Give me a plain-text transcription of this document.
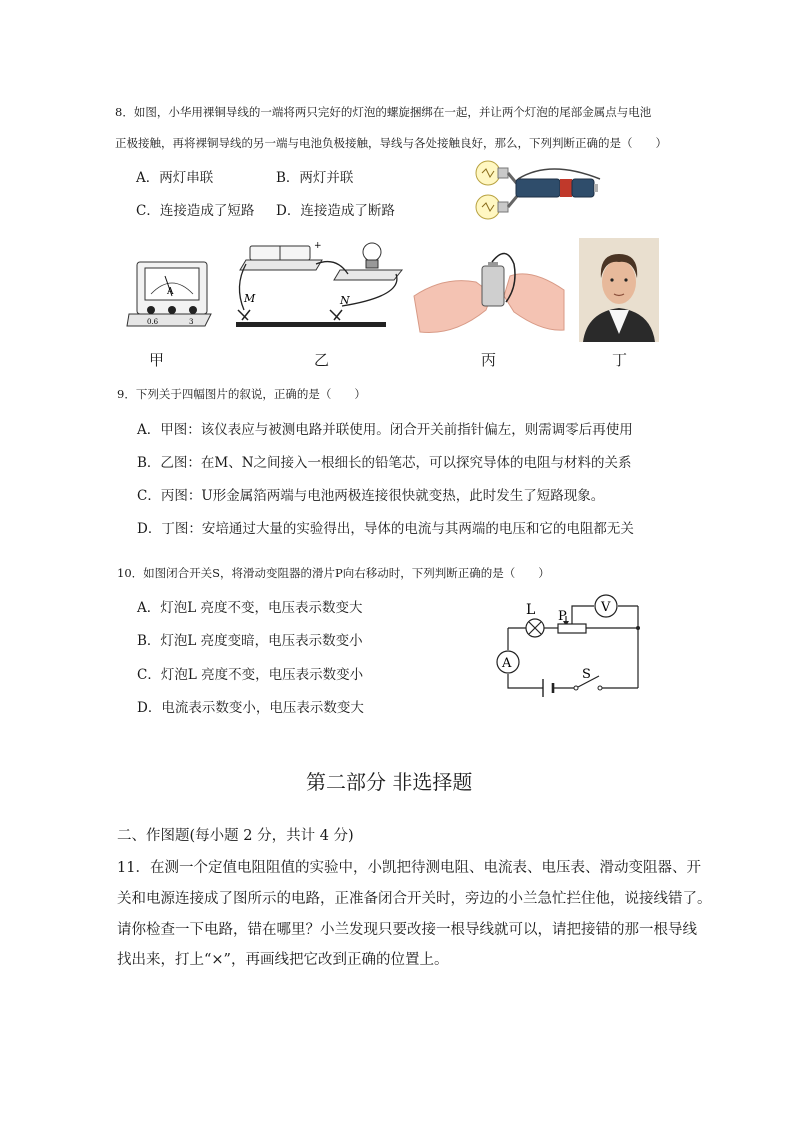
8．如图，小华用裸铜导线的一端将两只完好的灯泡的螺旋捆绑在一起，并让两个灯泡的尾部金属点与电池
正极接触，再将裸铜导线的另一端与电池负极接触，导线与各处接触良好，那么，下列判断正确的是（　　）
A．两灯串联	B．两灯并联
C．连接造成了短路 D．连接造成了断路
A
0.6	3
+
M	N
甲	乙	丙	丁
9．下列关于四幅图片的叙说，正确的是（　　）
A．甲图：该仪表应与被测电路并联使用。闭合开关前指针偏左，则需调零后再使用
B．乙图：在M、N之间接入一根细长的铅笔芯，可以探究导体的电阻与材料的关系
C．丙图：U形金属箔两端与电池两极连接很快就变热，此时发生了短路现象。
D．丁图：安培通过大量的实验得出，导体的电流与其两端的电压和它的电阻都无关
10．如图闭合开关S，将滑动变阻器的滑片P向右移动时，下列判断正确的是（　　）
A．灯泡L 亮度不变，电压表示数变大
B．灯泡L 亮度变暗，电压表示数变小
C．灯泡L 亮度不变，电压表示数变小
D．电流表示数变小，电压表示数变大
V
A
L P
S
第二部分 非选择题
二、作图题(每小题 2 分，共计 4 分)
11．在测一个定值电阻阻值的实验中，小凯把待测电阻、电流表、电压表、滑动变阻器、开
关和电源连接成了图所示的电路，正准备闭合开关时，旁边的小兰急忙拦住他，说接线错了。
请你检查一下电路，错在哪里？小兰发现只要改接一根导线就可以，请把接错的那一根导线
找出来，打上“×”，再画线把它改到正确的位置上。
